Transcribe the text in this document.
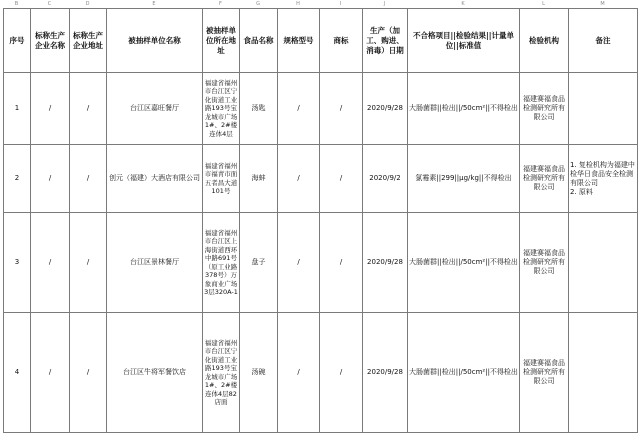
B	C	D	E	F	G	H	I	J	K	L	M
序号	标称生产企业名称	标称生产企业地址	被抽样单位名称	被抽样单位所在地址	食品名称	规格型号	商标	生产（加工、购进、消毒）日期	不合格项目||检验结果||计量单位||标准值	检验机构	备注
1	/	/	台江区嘉旺餐厅	福建省福州市台江区宁化街道工业路193号宝龙城市广场1#、2#楼连体4层	汤匙	/	/	2020/9/28	大肠菌群||检出||/50cm²||不得检出	福建赛福食品检测研究所有限公司	
2	/	/	创元（福建）大酒店有限公司	福建省福州市福青市面五者昌大道101号	海蚌	/	/	2020/9/2	氯霉素||299||μg/kg||不得检出	福建赛福食品检测研究所有限公司	1. 复检机构为福建中检华日食品安全检测有限公司
2. 原料

3	/	/	台江区景林餐厅	福建省福州市台江区上海街道西环中路691号（原工业路378号）万象商业广场3层320A-1	盘子	/	/	2020/9/28	大肠菌群||检出||/50cm²||不得检出	福建赛福食品检测研究所有限公司	
4	/	/	台江区牛将军餐饮店	福建省福州市台江区宁化街道工业路193号宝龙城市广场1#、2#楼连体4层82店面	汤碗	/	/	2020/9/28	大肠菌群||检出||/50cm²||不得检出	福建赛福食品检测研究所有限公司	
